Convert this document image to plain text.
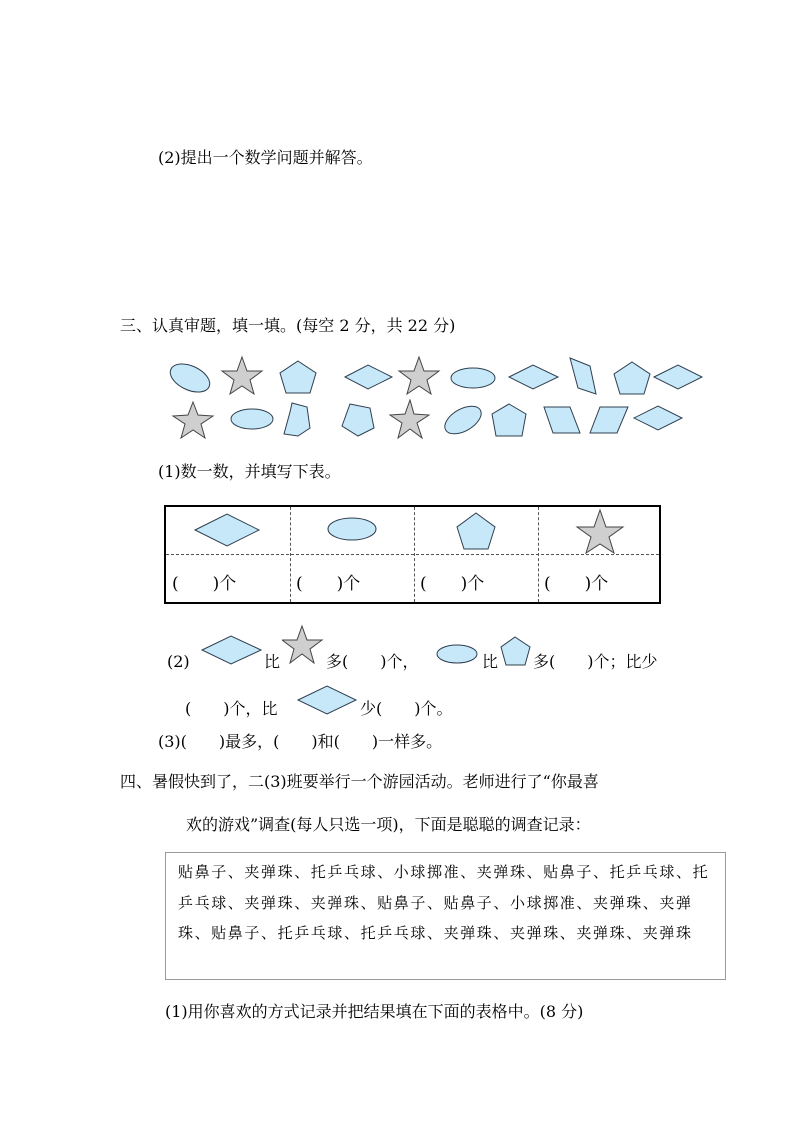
(2)提出一个数学问题并解答。
三、认真审题，填一填。(每空 2 分，共 22 分)
(1)数一数，并填写下表。
(　　)个	(　　)个	(　　)个	(　　)个
(2)	比	多(　　)个，	比 多(　　)个；比少
(　　)个，比	少(　　)个。
(3)(　　)最多，(　　)和(　　)一样多。
四、暑假快到了，二(3)班要举行一个游园活动。老师进行了“你最喜
欢的游戏”调查(每人只选一项)，下面是聪聪的调查记录：
贴鼻子、夹弹珠、托乒乓球、小球掷准、夹弹珠、贴鼻子、托乒乓球、托乒乓球、夹弹珠、夹弹珠、贴鼻子、贴鼻子、小球掷准、夹弹珠、夹弹珠、贴鼻子、托乒乓球、托乒乓球、夹弹珠、夹弹珠、夹弹珠、夹弹珠
(1)用你喜欢的方式记录并把结果填在下面的表格中。(8 分)
